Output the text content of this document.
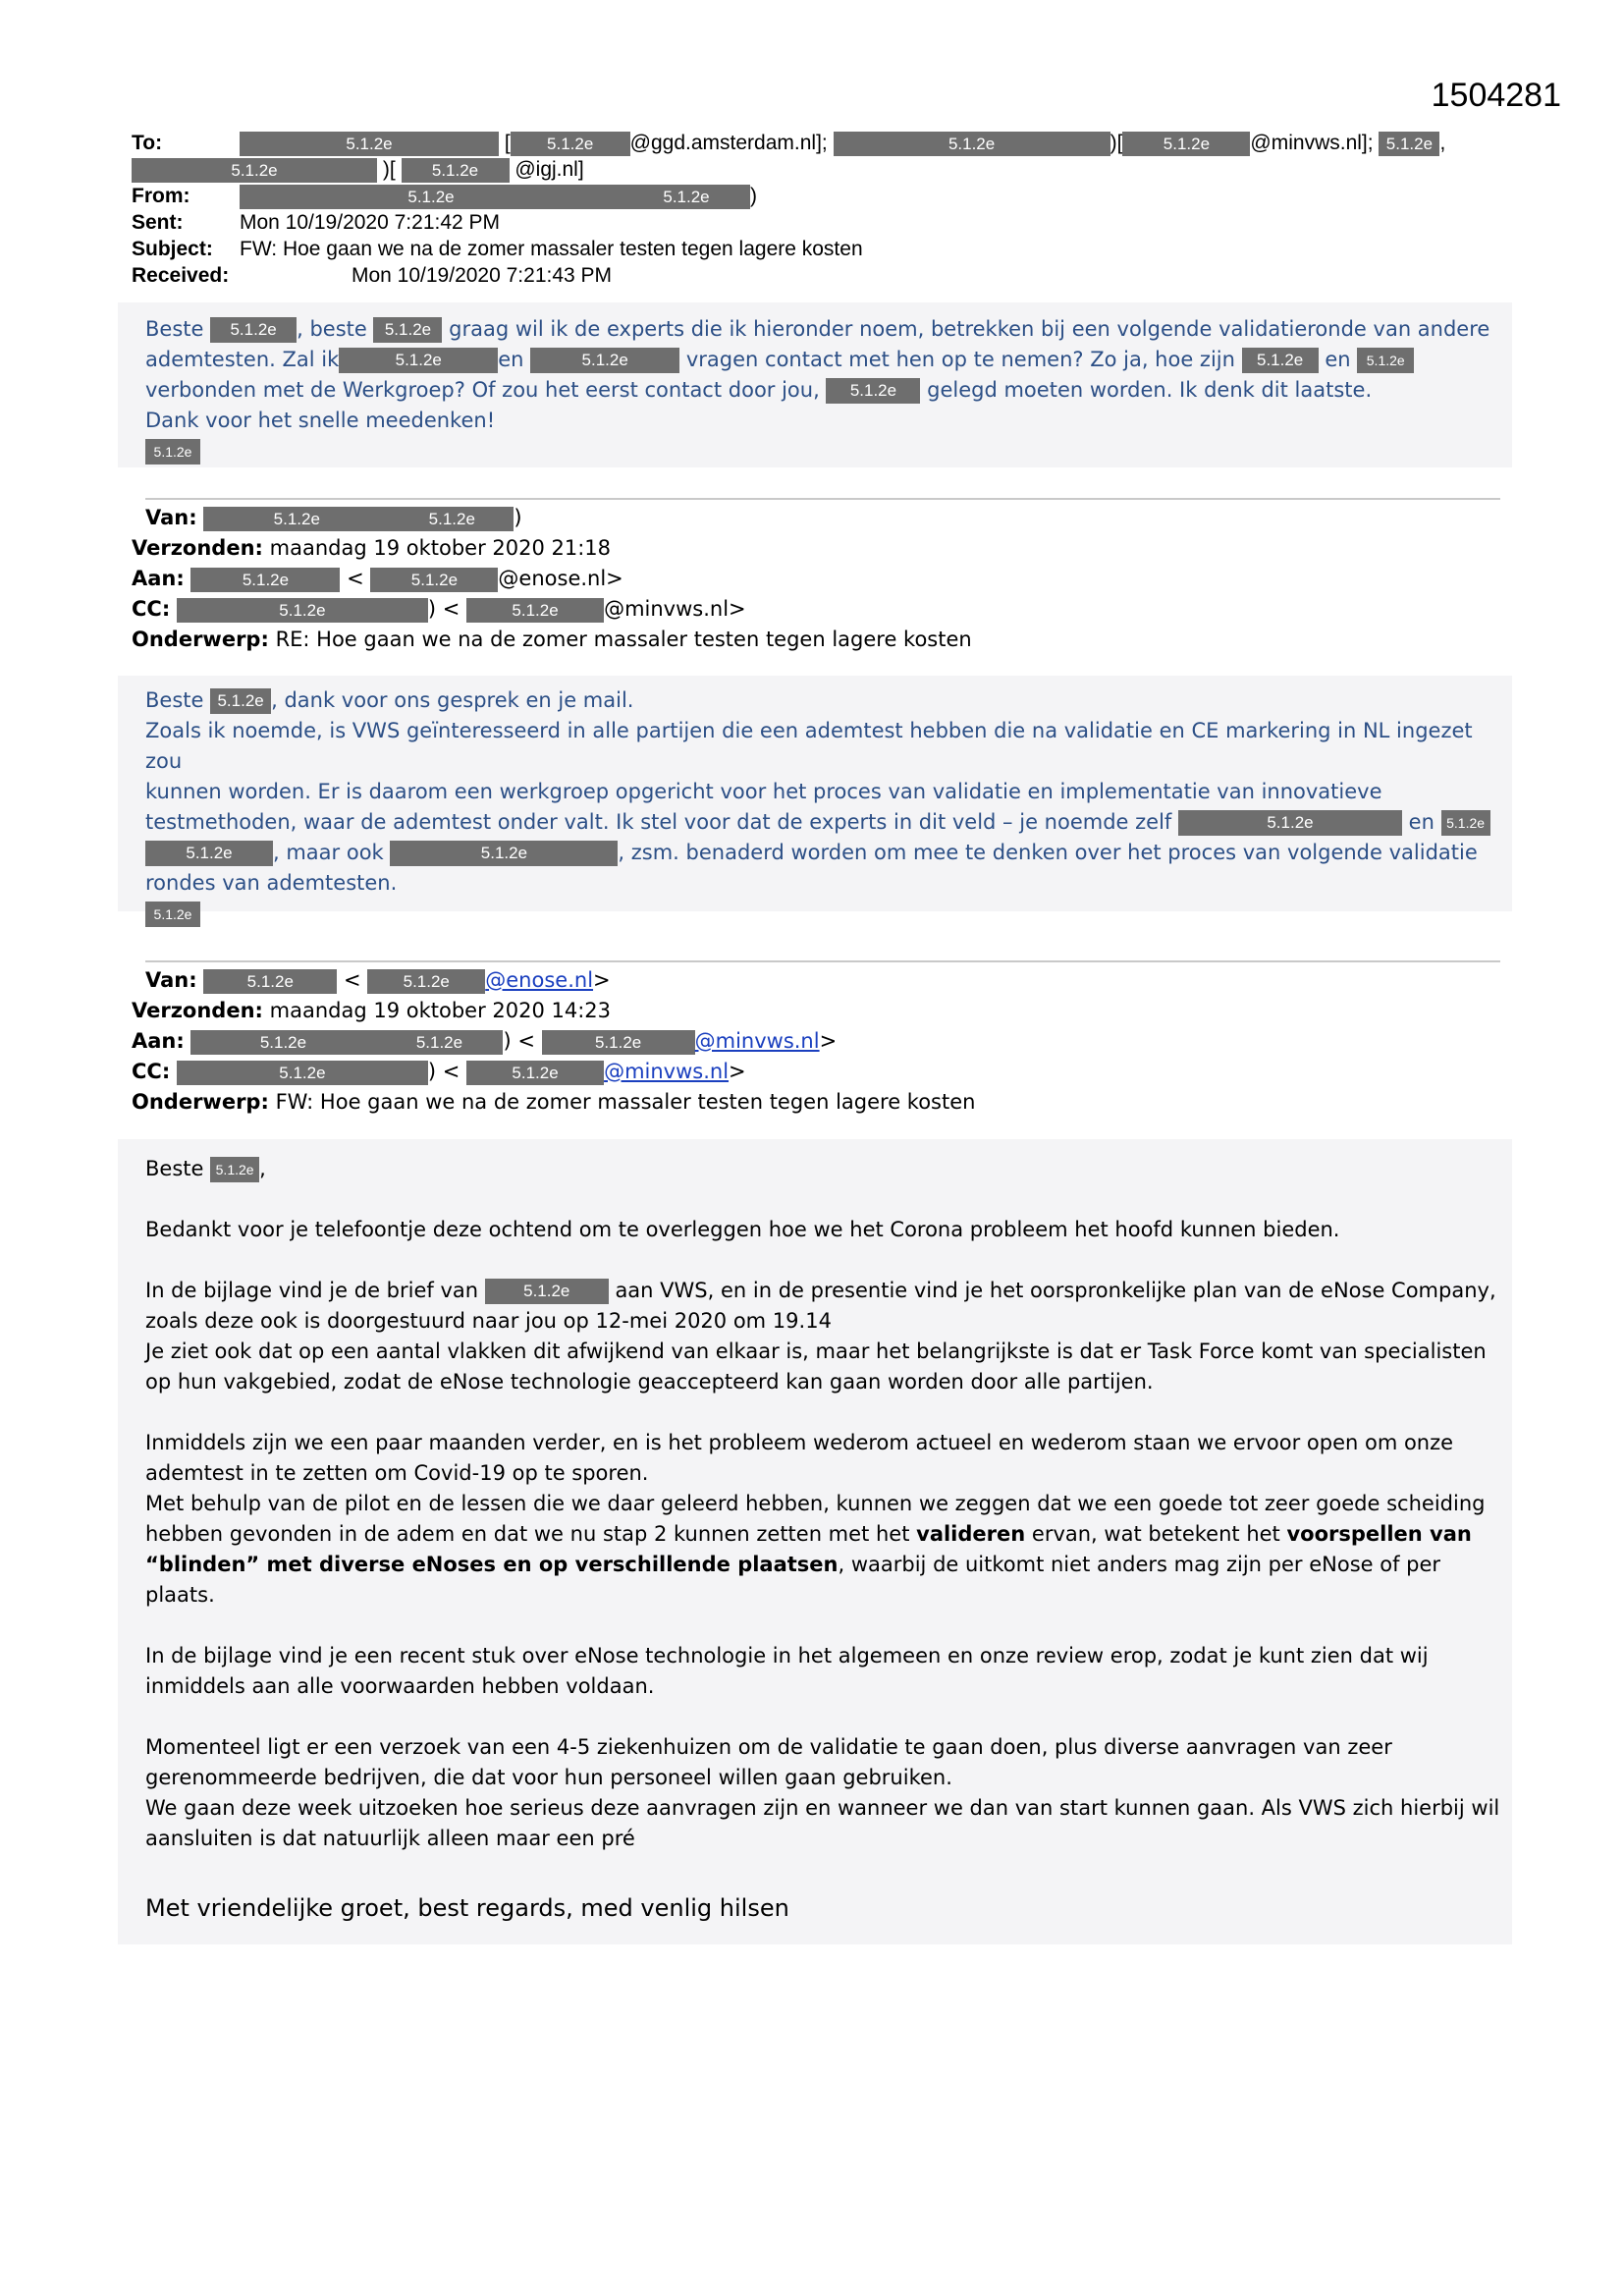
1504281
To:	5.1.2e	[ 5.1.2e @ggd.amsterdam.nl];	5.1.2e	)[ 5.1.2e @minvws.nl]; 5.1.2e ,
5.1.2e	)[ 5.1.2e @igj.nl]
From:	5.1.2e	5.1.2e )
Sent:	Mon 10/19/2020 7:21:42 PM
Subject: FW: Hoe gaan we na de zomer massaler testen tegen lagere kosten
Received:	Mon 10/19/2020 7:21:43 PM
Beste 5.1.2e , beste 5.1.2e graag wil ik de experts die ik hieronder noem, betrekken bij een volgende validatieronde van andere
ademtesten. Zal ik	5.1.2e	en	5.1.2e	vragen contact met hen op te nemen? Zo ja, hoe zijn 5.1.2e en 5.1.2e
verbonden met de Werkgroep? Of zou het eerst contact door jou, 5.1.2e gelegd moeten worden. Ik denk dit laatste.
Dank voor het snelle meedenken!
5.1.2e
Van:	5.1.2e	5.1.2e )
Verzonden: maandag 19 oktober 2020 21:18
Aan:	5.1.2e < 5.1.2e @enose.nl>
CC:	5.1.2e	) <	5.1.2e @minvws.nl>
Onderwerp: RE: Hoe gaan we na de zomer massaler testen tegen lagere kosten
Beste 5.1.2e , dank voor ons gesprek en je mail.
Zoals ik noemde, is VWS geïnteresseerd in alle partijen die een ademtest hebben die na validatie en CE markering in NL ingezet zou
kunnen worden. Er is daarom een werkgroep opgericht voor het proces van validatie en implementatie van innovatieve
testmethoden, waar de ademtest onder valt. Ik stel voor dat de experts in dit veld – je noemde zelf	5.1.2e	en 5.1.2e
5.1.2e , maar ook	5.1.2e	, zsm. benaderd worden om mee te denken over het proces van volgende validatie
rondes van ademtesten.
5.1.2e
Van:	5.1.2e < 5.1.2e @enose.nl>
Verzonden: maandag 19 oktober 2020 14:23
Aan:	5.1.2e	5.1.2e ) <	5.1.2e	@minvws.nl>
CC:	5.1.2e	) <	5.1.2e @minvws.nl>
Onderwerp: FW: Hoe gaan we na de zomer massaler testen tegen lagere kosten
Beste 5.1.2e ,
Bedankt voor je telefoontje deze ochtend om te overleggen hoe we het Corona probleem het hoofd kunnen bieden.
In de bijlage vind je de brief van	5.1.2e aan VWS, en in de presentie vind je het oorspronkelijke plan van de eNose Company,
zoals deze ook is doorgestuurd naar jou op 12-mei 2020 om 19.14
Je ziet ook dat op een aantal vlakken dit afwijkend van elkaar is, maar het belangrijkste is dat er Task Force komt van specialisten
op hun vakgebied, zodat de eNose technologie geaccepteerd kan gaan worden door alle partijen.
Inmiddels zijn we een paar maanden verder, en is het probleem wederom actueel en wederom staan we ervoor open om onze
ademtest in te zetten om Covid-19 op te sporen.
Met behulp van de pilot en de lessen die we daar geleerd hebben, kunnen we zeggen dat we een goede tot zeer goede scheiding
hebben gevonden in de adem en dat we nu stap 2 kunnen zetten met het valideren ervan, wat betekent het voorspellen van
“blinden” met diverse eNoses en op verschillende plaatsen, waarbij de uitkomt niet anders mag zijn per eNose of per plaats.
In de bijlage vind je een recent stuk over eNose technologie in het algemeen en onze review erop, zodat je kunt zien dat wij
inmiddels aan alle voorwaarden hebben voldaan.
Momenteel ligt er een verzoek van een 4-5 ziekenhuizen om de validatie te gaan doen, plus diverse aanvragen van zeer
gerenommeerde bedrijven, die dat voor hun personeel willen gaan gebruiken.
We gaan deze week uitzoeken hoe serieus deze aanvragen zijn en wanneer we dan van start kunnen gaan. Als VWS zich hierbij wil
aansluiten is dat natuurlijk alleen maar een pré
Met vriendelijke groet, best regards, med venlig hilsen
